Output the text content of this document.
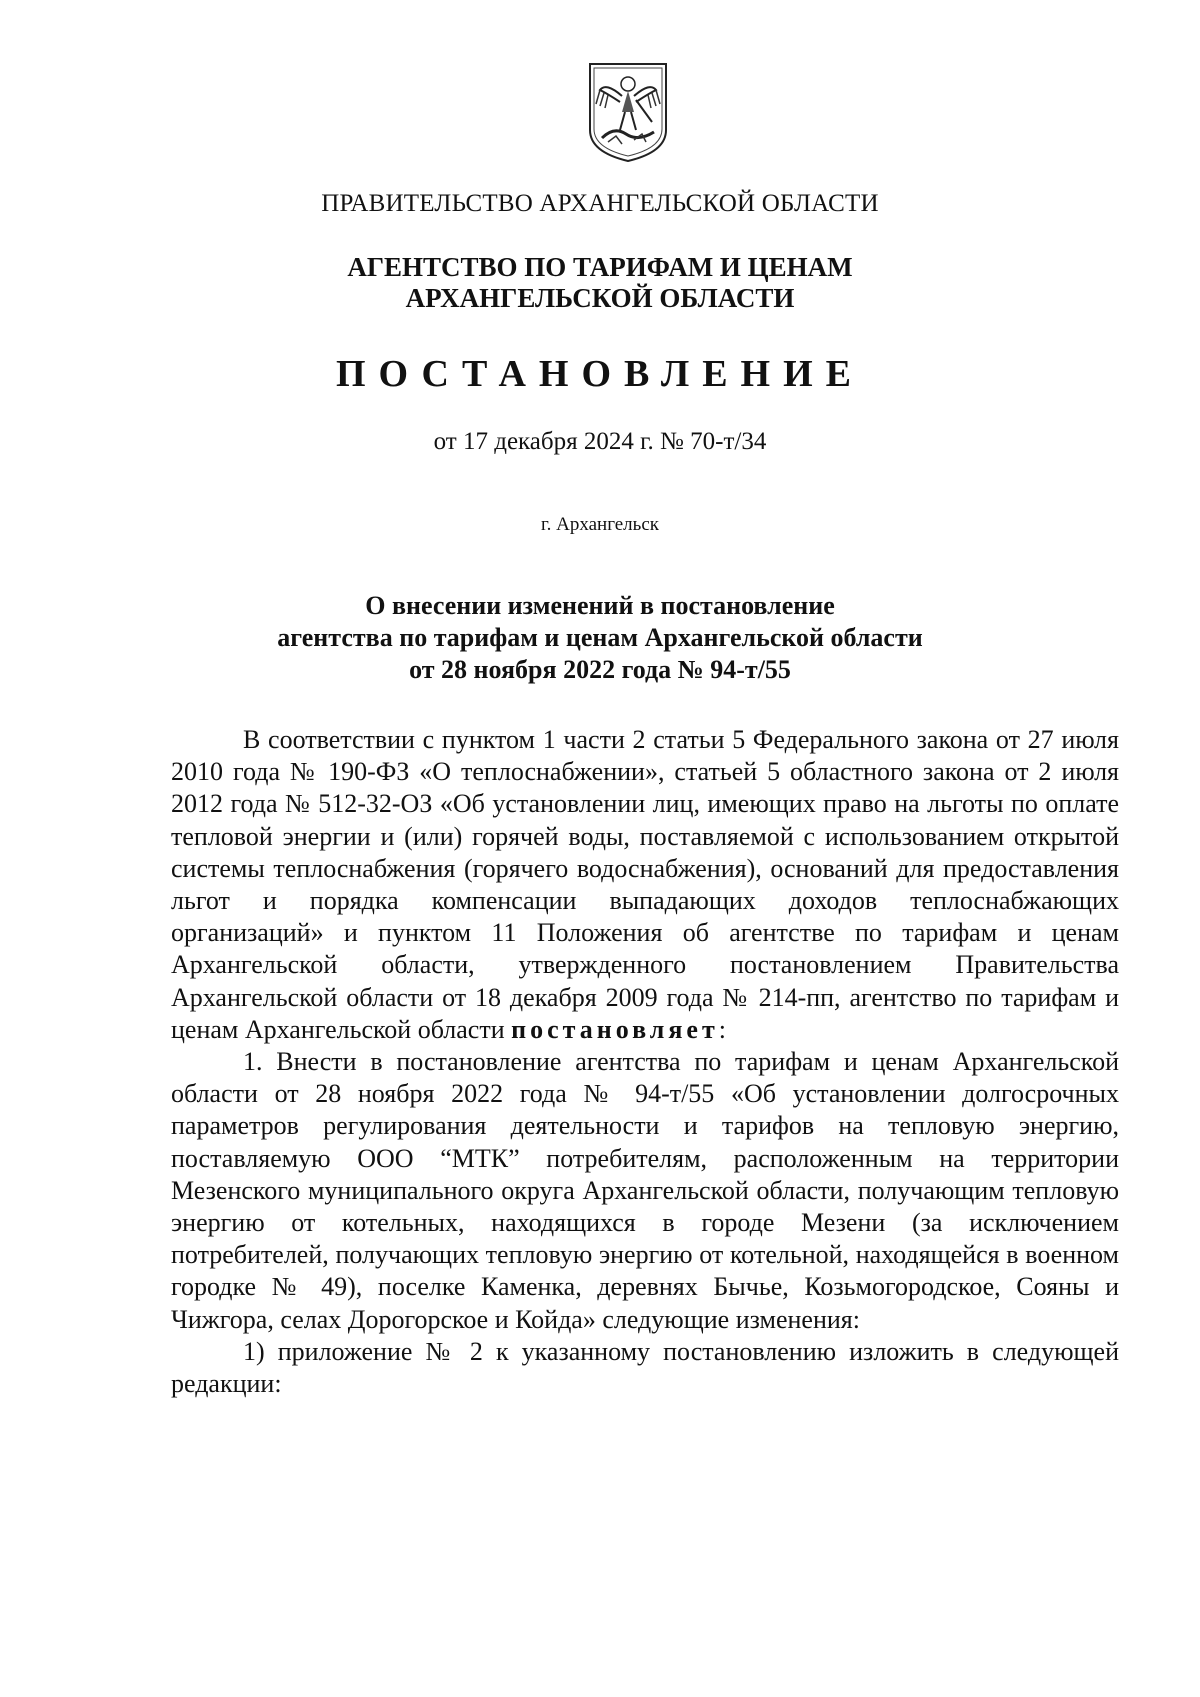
ПРАВИТЕЛЬСТВО АРХАНГЕЛЬСКОЙ ОБЛАСТИ
АГЕНТСТВО ПО ТАРИФАМ И ЦЕНАМ
АРХАНГЕЛЬСКОЙ ОБЛАСТИ
ПОСТАНОВЛЕНИЕ
от 17 декабря 2024 г. № 70-т/34
г. Архангельск
О внесении изменений в постановление
агентства по тарифам и ценам Архангельской области
от 28 ноября 2022 года № 94-т/55

В соответствии с пунктом 1 части 2 статьи 5 Федерального закона от 27 июля 2010 года № 190-ФЗ «О теплоснабжении», статьей 5 областного закона от 2 июля 2012 года № 512-32-ОЗ «Об установлении лиц, имеющих право на льготы по оплате тепловой энергии и (или) горячей воды, поставляемой с использованием открытой системы теплоснабжения (горячего водоснабжения), оснований для предоставления льгот и порядка компенсации выпадающих доходов теплоснабжающих организаций» и пунктом 11 Положения об агентстве по тарифам и ценам Архангельской области, утвержденного постановлением Правительства Архангельской области от 18 декабря 2009 года № 214-пп, агентство по тарифам и ценам Архангельской области постановляет:

1. Внести в постановление агентства по тарифам и ценам Архангельской области от 28 ноября 2022 года № 94-т/55 «Об установлении долгосрочных параметров регулирования деятельности и тарифов на тепловую энергию, поставляемую ООО “МТК” потребителям, расположенным на территории Мезенского муниципального округа Архангельской области, получающим тепловую энергию от котельных, находящихся в городе Мезени (за исключением потребителей, получающих тепловую энергию от котельной, находящейся в военном городке № 49), поселке Каменка, деревнях Бычье, Козьмогородское, Сояны и Чижгора, селах Дорогорское и Койда» следующие изменения:

1) приложение № 2 к указанному постановлению изложить в следующей редакции:
